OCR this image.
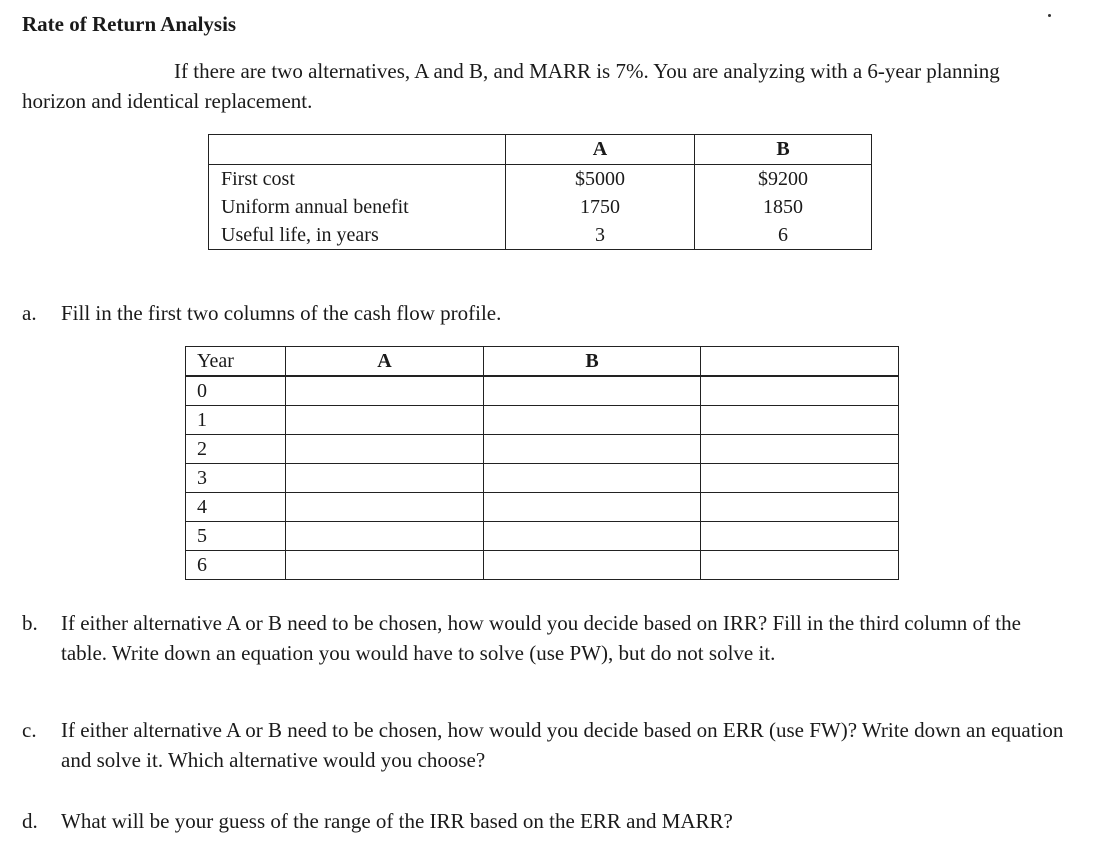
Rate of Return Analysis
If there are two alternatives, A and B, and MARR is 7%. You are analyzing with a 6-year planning horizon and identical replacement.
	A	B
First cost	$5000	$9200
Uniform annual benefit	1750	1850
Useful life, in years	3	6
a.	Fill in the first two columns of the cash flow profile.
Year	A	B	
0			
1			
2			
3			
4			
5			
6			
b.	If either alternative A or B need to be chosen, how would you decide based on IRR? Fill in the third column of the table. Write down an equation you would have to solve (use PW), but do not solve it.
c.	If either alternative A or B need to be chosen, how would you decide based on ERR (use FW)? Write down an equation and solve it. Which alternative would you choose?
d.	What will be your guess of the range of the IRR based on the ERR and MARR?
